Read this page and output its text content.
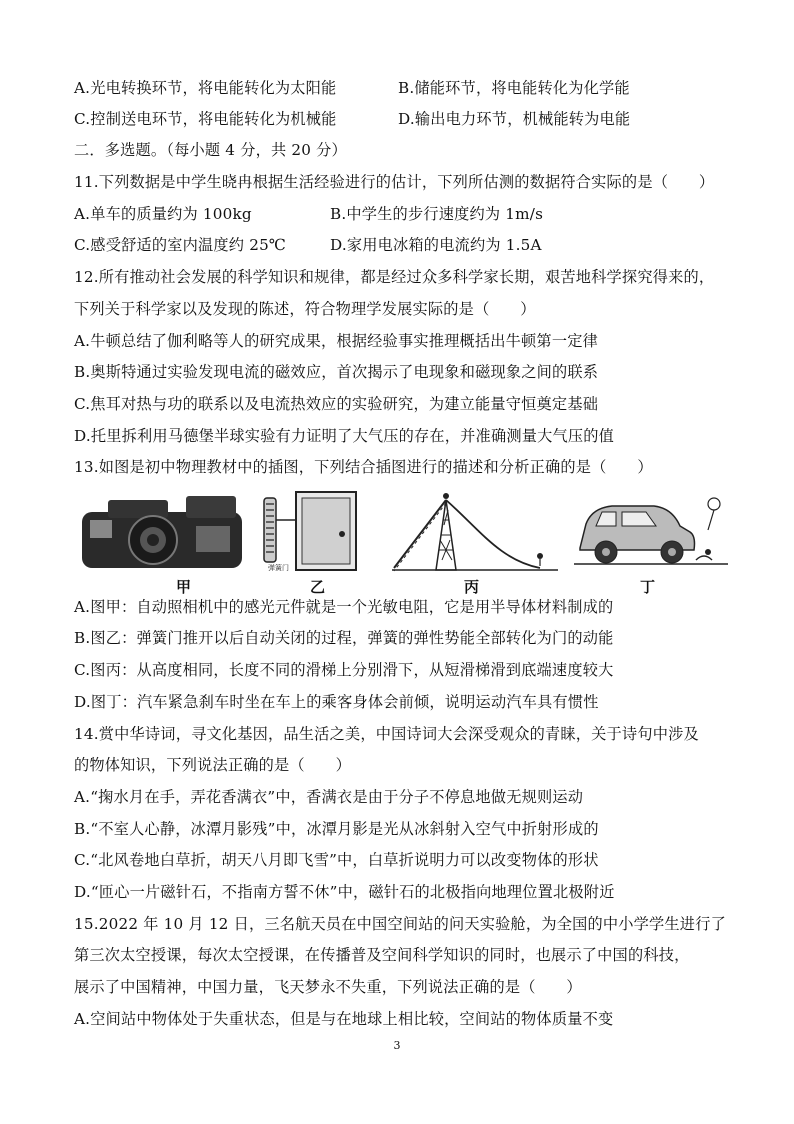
A.光电转换环节，将电能转化为太阳能	B.储能环节，将电能转化为化学能
C.控制送电环节，将电能转化为机械能	D.输出电力环节，机械能转为电能
二．多选题。（每小题 4 分，共 20 分）
11.下列数据是中学生晓冉根据生活经验进行的估计，下列所估测的数据符合实际的是（　　）
A.单车的质量约为 100kg	B.中学生的步行速度约为 1m/s
C.感受舒适的室内温度约 25℃	D.家用电冰箱的电流约为 1.5A
12.所有推动社会发展的科学知识和规律，都是经过众多科学家长期，艰苦地科学探究得来的，
下列关于科学家以及发现的陈述，符合物理学发展实际的是（　　）
A.牛顿总结了伽利略等人的研究成果，根据经验事实推理概括出牛顿第一定律
B.奥斯特通过实验发现电流的磁效应，首次揭示了电现象和磁现象之间的联系
C.焦耳对热与功的联系以及电流热效应的实验研究，为建立能量守恒奠定基础
D.托里拆利用马德堡半球实验有力证明了大气压的存在，并准确测量大气压的值
13.如图是初中物理教材中的插图，下列结合插图进行的描述和分析正确的是（　　）
甲
弹簧门
乙	丙	丁
A.图甲：自动照相机中的感光元件就是一个光敏电阻，它是用半导体材料制成的
B.图乙：弹簧门推开以后自动关闭的过程，弹簧的弹性势能全部转化为门的动能
C.图丙：从高度相同，长度不同的滑梯上分别滑下，从短滑梯滑到底端速度较大
D.图丁：汽车紧急刹车时坐在车上的乘客身体会前倾，说明运动汽车具有惯性
14.赏中华诗词，寻文化基因，品生活之美，中国诗词大会深受观众的青睐，关于诗句中涉及
的物体知识，下列说法正确的是（　　）
A.“掬水月在手，弄花香满衣”中，香满衣是由于分子不停息地做无规则运动
B.“不室人心静，冰潭月影残”中，冰潭月影是光从冰斜射入空气中折射形成的
C.“北风卷地白草折，胡天八月即飞雪”中，白草折说明力可以改变物体的形状
D.“匝心一片磁针石，不指南方誓不休”中，磁针石的北极指向地理位置北极附近
15.2022 年 10 月 12 日，三名航天员在中国空间站的问天实验舱，为全国的中小学学生进行了
第三次太空授课，每次太空授课，在传播普及空间科学知识的同时，也展示了中国的科技，
展示了中国精神，中国力量，飞天梦永不失重，下列说法正确的是（　　）
A.空间站中物体处于失重状态，但是与在地球上相比较，空间站的物体质量不变
3
